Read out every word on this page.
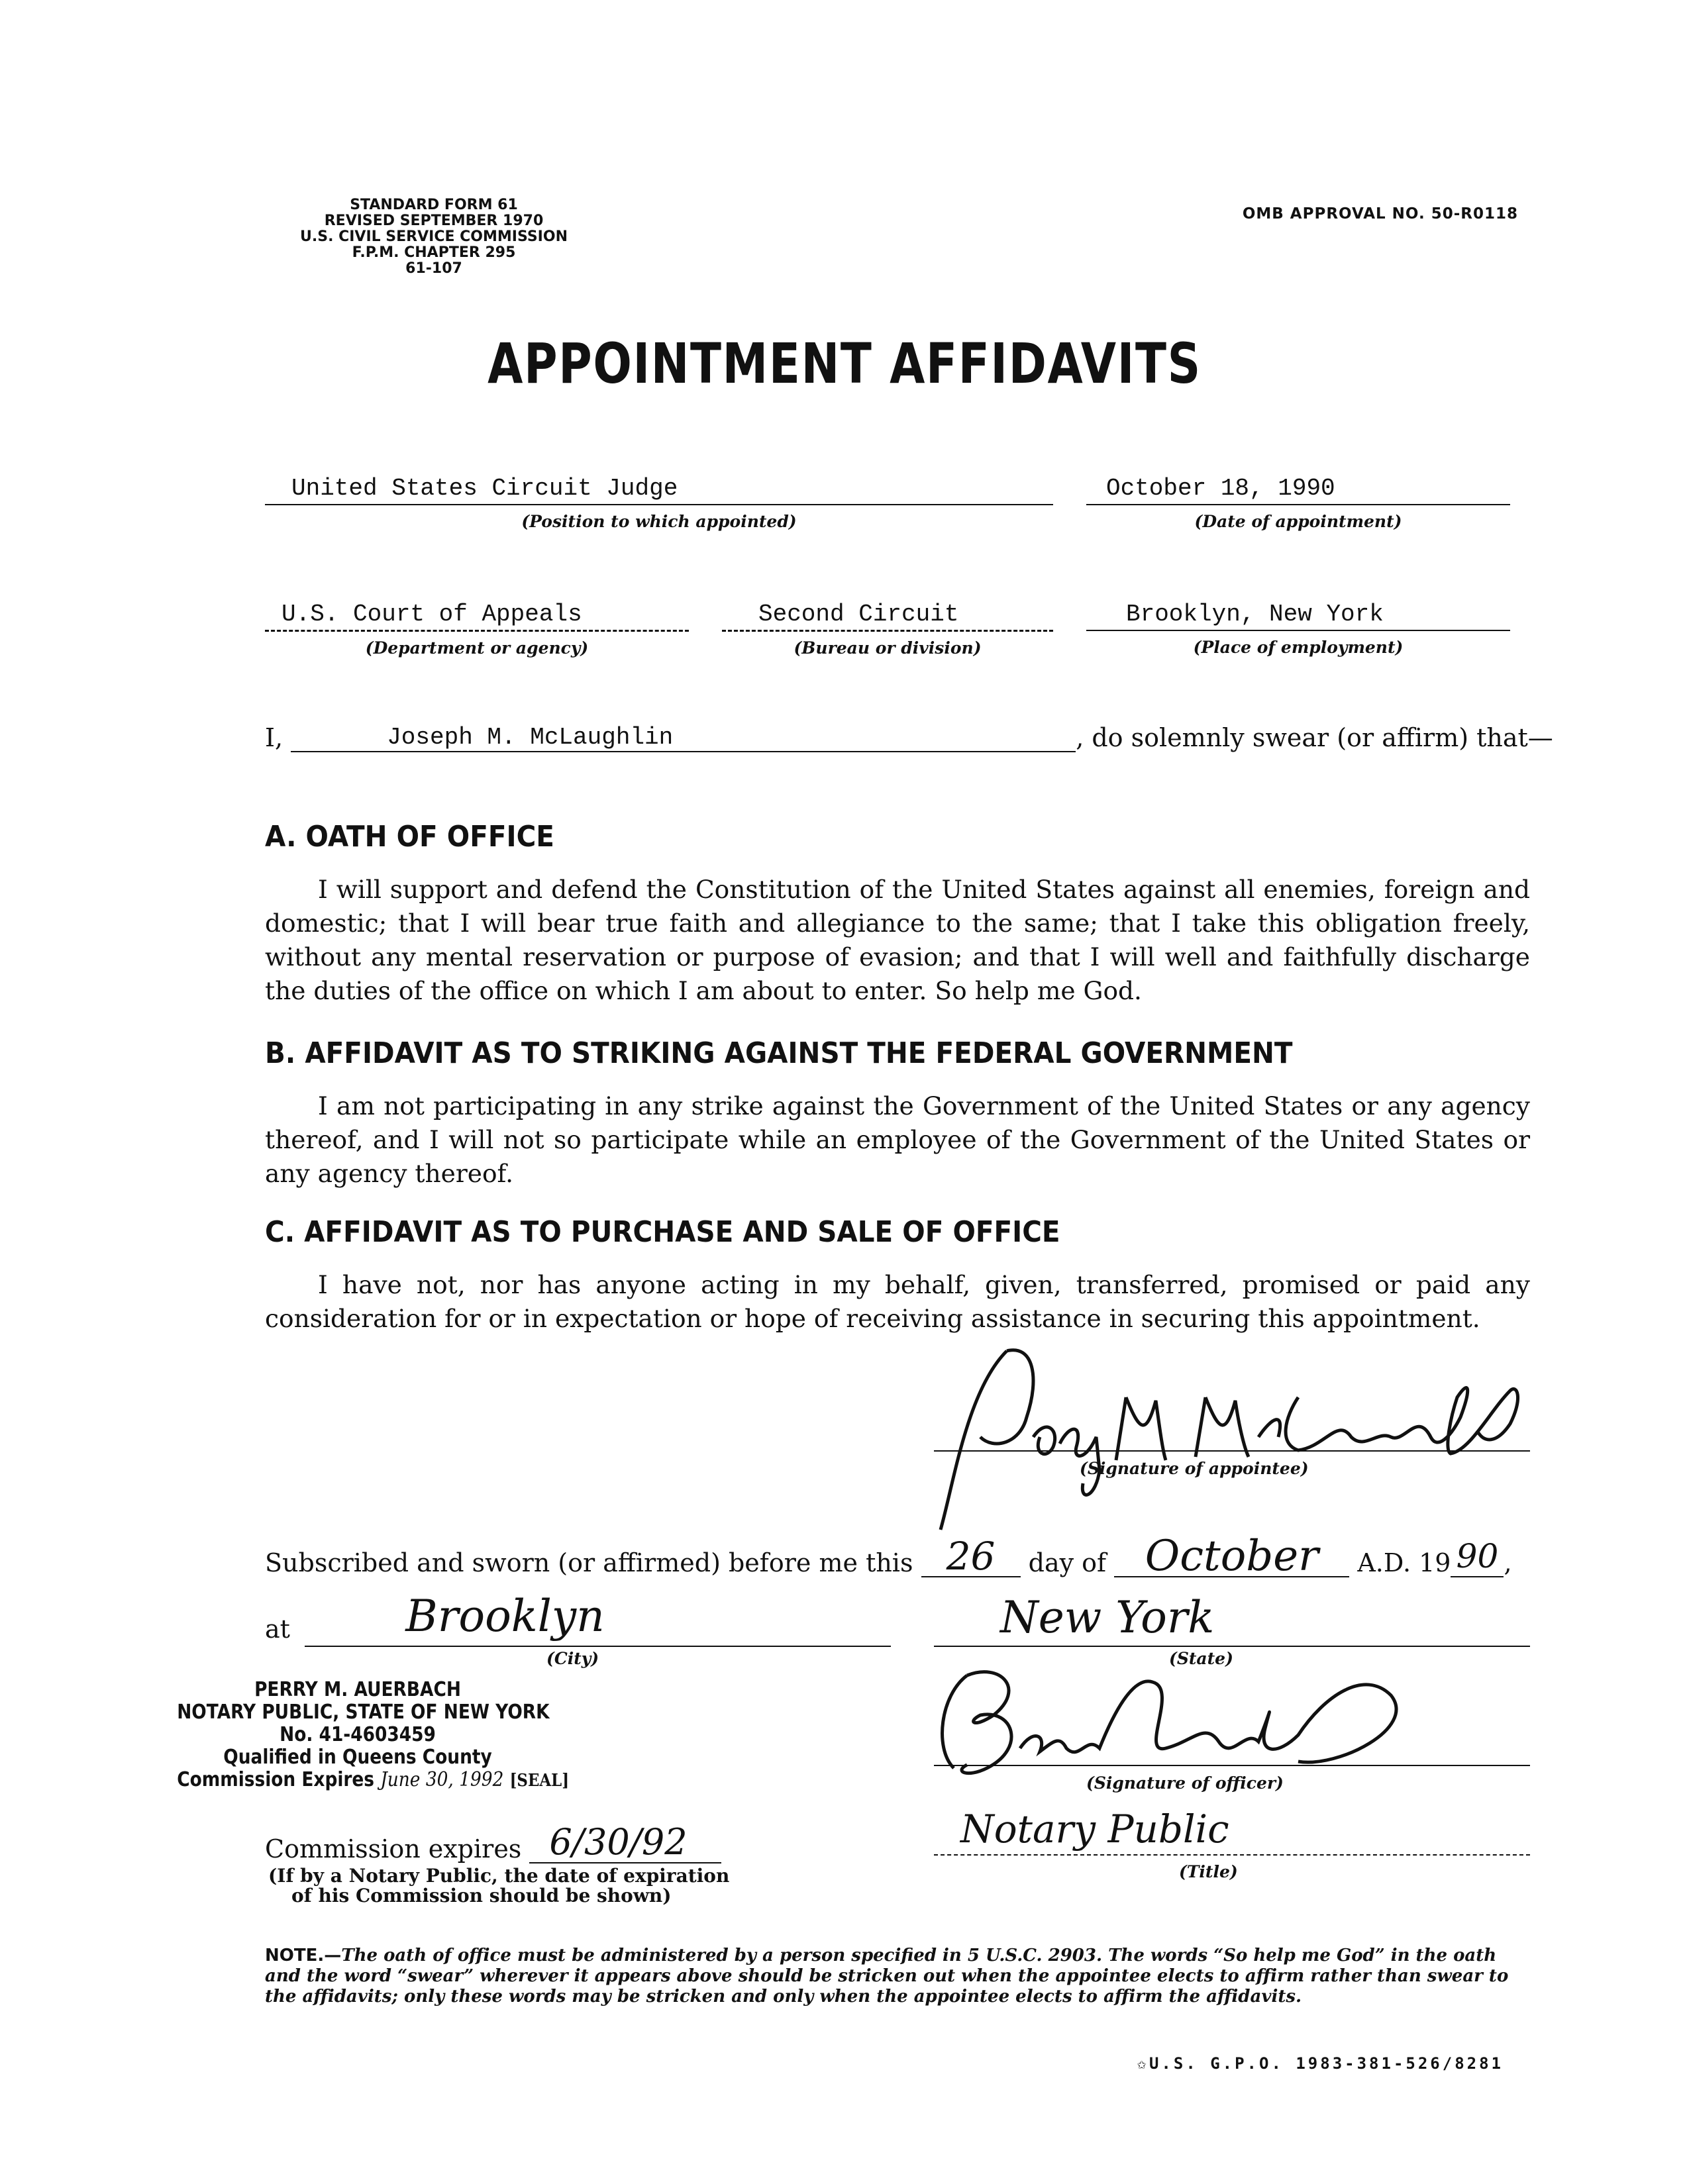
STANDARD FORM 61
REVISED SEPTEMBER 1970
U.S. CIVIL SERVICE COMMISSION
F.P.M. CHAPTER 295
61-107
OMB APPROVAL NO. 50-R0118
APPOINTMENT AFFIDAVITS
United States Circuit Judge
(Position to which appointed)
October 18, 1990
(Date of appointment)
U.S. Court of Appeals
(Department or agency)
Second Circuit
(Bureau or division)
Brooklyn, New York
(Place of employment)
I,	Joseph M. McLaughlin	, do solemnly swear (or affirm) that—
A. OATH OF OFFICE
I will support and defend the Constitution of the United States against all enemies, foreign and domestic; that I will bear true faith and allegiance to the same; that I take this obligation freely, without any mental reservation or purpose of evasion; and that I will well and faithfully discharge the duties of the office on which I am about to enter. So help me God.
B. AFFIDAVIT AS TO STRIKING AGAINST THE FEDERAL GOVERNMENT
I am not participating in any strike against the Government of the United States or any agency thereof, and I will not so participate while an employee of the Government of the United States or any agency thereof.
C. AFFIDAVIT AS TO PURCHASE AND SALE OF OFFICE
I have not, nor has anyone acting in my behalf, given, transferred, promised or paid any consideration for or in expectation or hope of receiving assistance in securing this appointment.
(Signature of appointee)
Subscribed and sworn (or affirmed) before me this 26 day of October A.D. 19 90 ,
at	Brooklyn
(City)
New York
(State)
PERRY M. AUERBACH
NOTARY PUBLIC, STATE OF NEW YORK
No. 41-4603459
Qualified in Queens County
Commission Expires June 30, 1992 [SEAL]	(Signature of officer)
Commission expires 6/30/92
(If by a Notary Public, the date of expiration
of his Commission should be shown)
Notary Public
(Title)
NOTE.—The oath of office must be administered by a person specified in 5 U.S.C. 2903. The words “So help me God” in the oath and the word “swear” wherever it appears above should be stricken out when the appointee elects to affirm rather than swear to the affidavits; only these words may be stricken and only when the appointee elects to affirm the affidavits.
✩U.S. G.P.O. 1983-381-526/8281
